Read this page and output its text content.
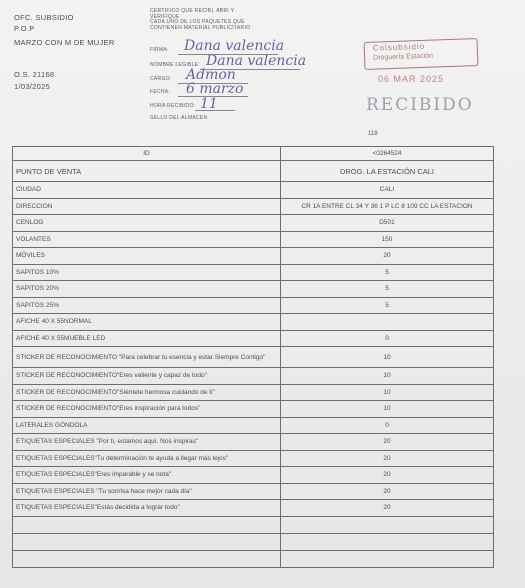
OFC. SUBSIDIO
P.O.P
MARZO CON M DE MUJER
O.S. 21168
1/03/2025
CERTIFICO QUE RECIBI, ABRI Y
VERIFIQUE
CADA UNO DE LOS PAQUETES QUE
CONTIENEN MATERIAL PUBLICITARIO
FIRMA: Dana valencia
NOMBRE LEGIBLE: Dana valencia
CARGO: Admon
FECHA: 6 marzo
HORA RECIBIDO: 11
SELLO DEL ALMACEN
Colsubsidio
Droguería Estación
06 MAR 2025
RECIBIDO
118
ID	<0264524
PUNTO DE VENTA	DROG. LA ESTACIÓN CALI
CIUDAD	CALI
DIRECCION	CR 1A ENTRE CL 34 Y 36 1 P LC 8 109 CC LA ESTACION
CENLOG	D501
VOLANTES	150
MÓVILES	20
SAPITOS 10%	5
SAPITOS 20%	5
SAPITOS 25%	5
AFICHE 40 X 55NORMAL	
AFICHE 40 X 55MUEBLE LED	0
STICKER DE RECONOCIMIENTO "Para celebrar tu esencia y estar Siempre Contigo"	10
STICKER DE RECONOCIMIENTO"Eres valiente y capaz de todo"	10
STICKER DE RECONOCIMIENTO"Siéntete hermosa cuidando de ti"	10
STICKER DE RECONOCIMIENTO"Eres inspiración para todos"	10
LATERALES GÓNDOLA	0
ETIQUETAS ESPECIALES "Por ti, estamos aquí. Nos inspiras"	20
ETIQUETAS ESPECIALES"Tu determinación te ayuda a llegar más lejos"	20
ETIQUETAS ESPECIALES"Eres imparable y se nota"	20
ETIQUETAS ESPECIALES "Tu sonrisa hace mejor cada día"	20
ETIQUETAS ESPECIALES"Estás decidida a lograr todo"	20
